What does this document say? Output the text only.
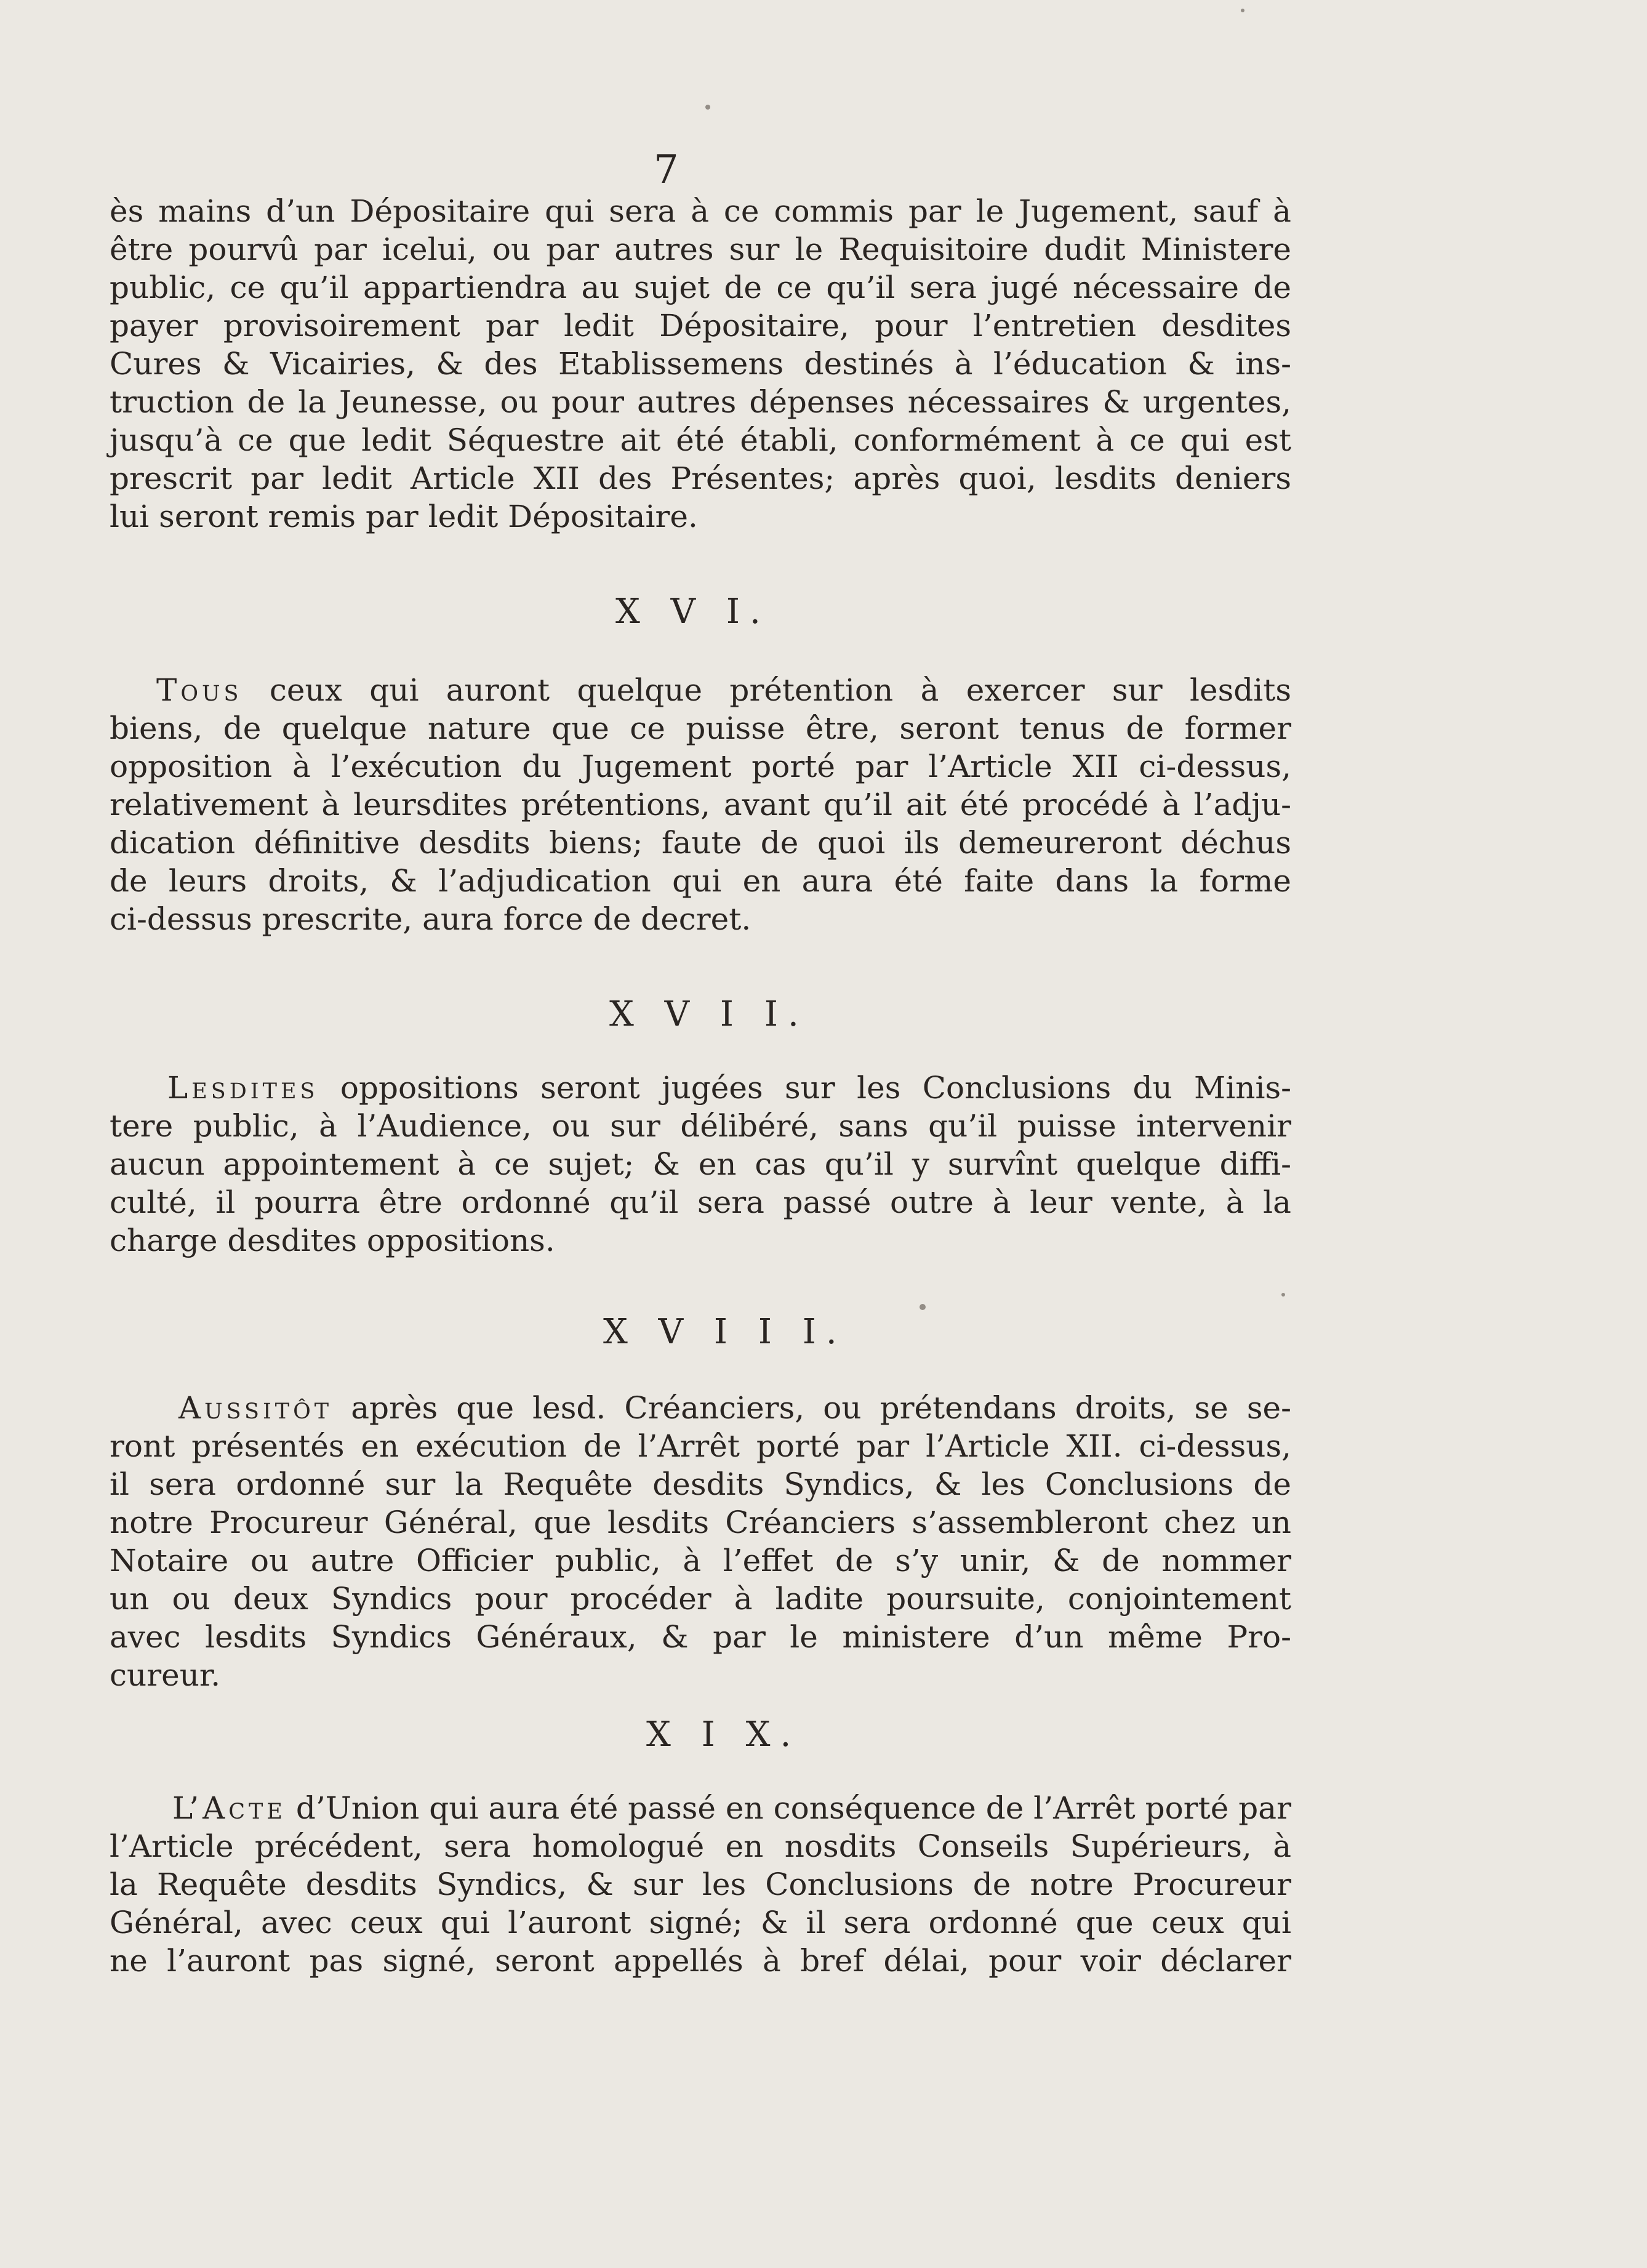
7
ès mains d’un Dépositaire qui sera à ce commis par le Jugement, sauf à
être pourvû par icelui, ou par autres sur le Requisitoire dudit Ministere
public, ce qu’il appartiendra au sujet de ce qu’il sera jugé nécessaire de
payer provisoirement par ledit Dépositaire, pour l’entretien desdites
Cures & Vicairies, & des Etablissemens destinés à l’éducation & ins-
truction de la Jeunesse, ou pour autres dépenses nécessaires & urgentes,
jusqu’à ce que ledit Séquestre ait été établi, conformément à ce qui est
prescrit par ledit Article XII des Présentes; après quoi, lesdits deniers
lui seront remis par ledit Dépositaire.
X V I.
Tous ceux qui auront quelque prétention à exercer sur lesdits
biens, de quelque nature que ce puisse être, seront tenus de former
opposition à l’exécution du Jugement porté par l’Article XII ci-dessus,
relativement à leursdites prétentions, avant qu’il ait été procédé à l’adju-
dication définitive desdits biens; faute de quoi ils demeureront déchus
de leurs droits, & l’adjudication qui en aura été faite dans la forme
ci-dessus prescrite, aura force de decret.
X V I I.
Lesdites oppositions seront jugées sur les Conclusions du Minis-
tere public, à l’Audience, ou sur délibéré, sans qu’il puisse intervenir
aucun appointement à ce sujet; & en cas qu’il y survînt quelque diffi-
culté, il pourra être ordonné qu’il sera passé outre à leur vente, à la
charge desdites oppositions.
X V I I I.
Aussitôt après que lesd. Créanciers, ou prétendans droits, se se-
ront présentés en exécution de l’Arrêt porté par l’Article XII. ci-dessus,
il sera ordonné sur la Requête desdits Syndics, & les Conclusions de
notre Procureur Général, que lesdits Créanciers s’assembleront chez un
Notaire ou autre Officier public, à l’effet de s’y unir, & de nommer
un ou deux Syndics pour procéder à ladite poursuite, conjointement
avec lesdits Syndics Généraux, & par le ministere d’un même Pro-
cureur.
X I X.
L’Acte d’Union qui aura été passé en conséquence de l’Arrêt porté par
l’Article précédent, sera homologué en nosdits Conseils Supérieurs, à
la Requête desdits Syndics, & sur les Conclusions de notre Procureur
Général, avec ceux qui l’auront signé; & il sera ordonné que ceux qui
ne l’auront pas signé, seront appellés à bref délai, pour voir déclarer
